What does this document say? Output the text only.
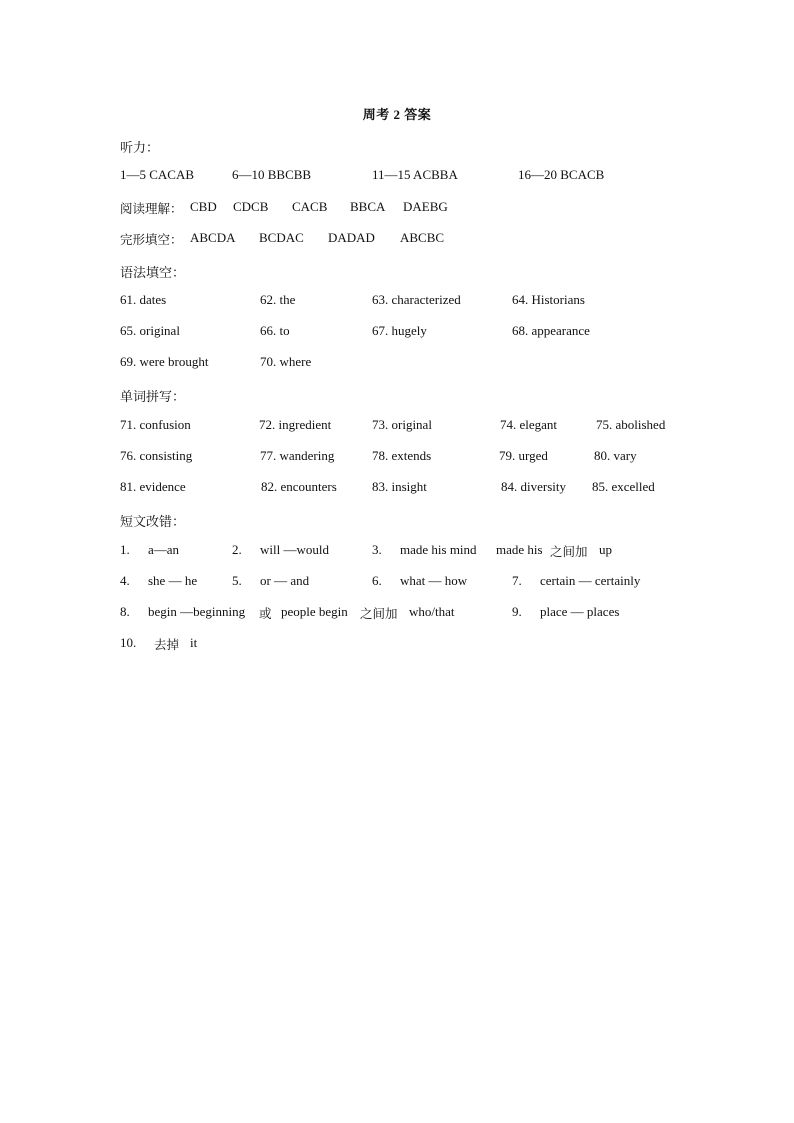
周考 2 答案
听力：
1—5 CACAB	6—10 BBCBB	11—15 ACBBA	16—20 BCACB
阅读理解： CBD CDCB CACB BBCA DAEBG
完形填空： ABCDA BCDAC DADAD ABCBC
语法填空：
61. dates	62. the	63. characterized	64. Historians
65. original	66. to	67. hugely	68. appearance
69. were brought	70. where
单词拼写：
71. confusion	72. ingredient	73. original	74. elegant	75. abolished
76. consisting	77. wandering	78. extends	79. urged	80. vary
81. evidence	82. encounters	83. insight	84. diversity 85. excelled
短文改错：
1. a—an	2. will —would	3. made his mind made his 之间加 up
4. she — he	5. or — and	6. what — how	7. certain — certainly
8. begin —beginning 或 people begin 之间加 who/that	9. place — places
10. 去掉 it
